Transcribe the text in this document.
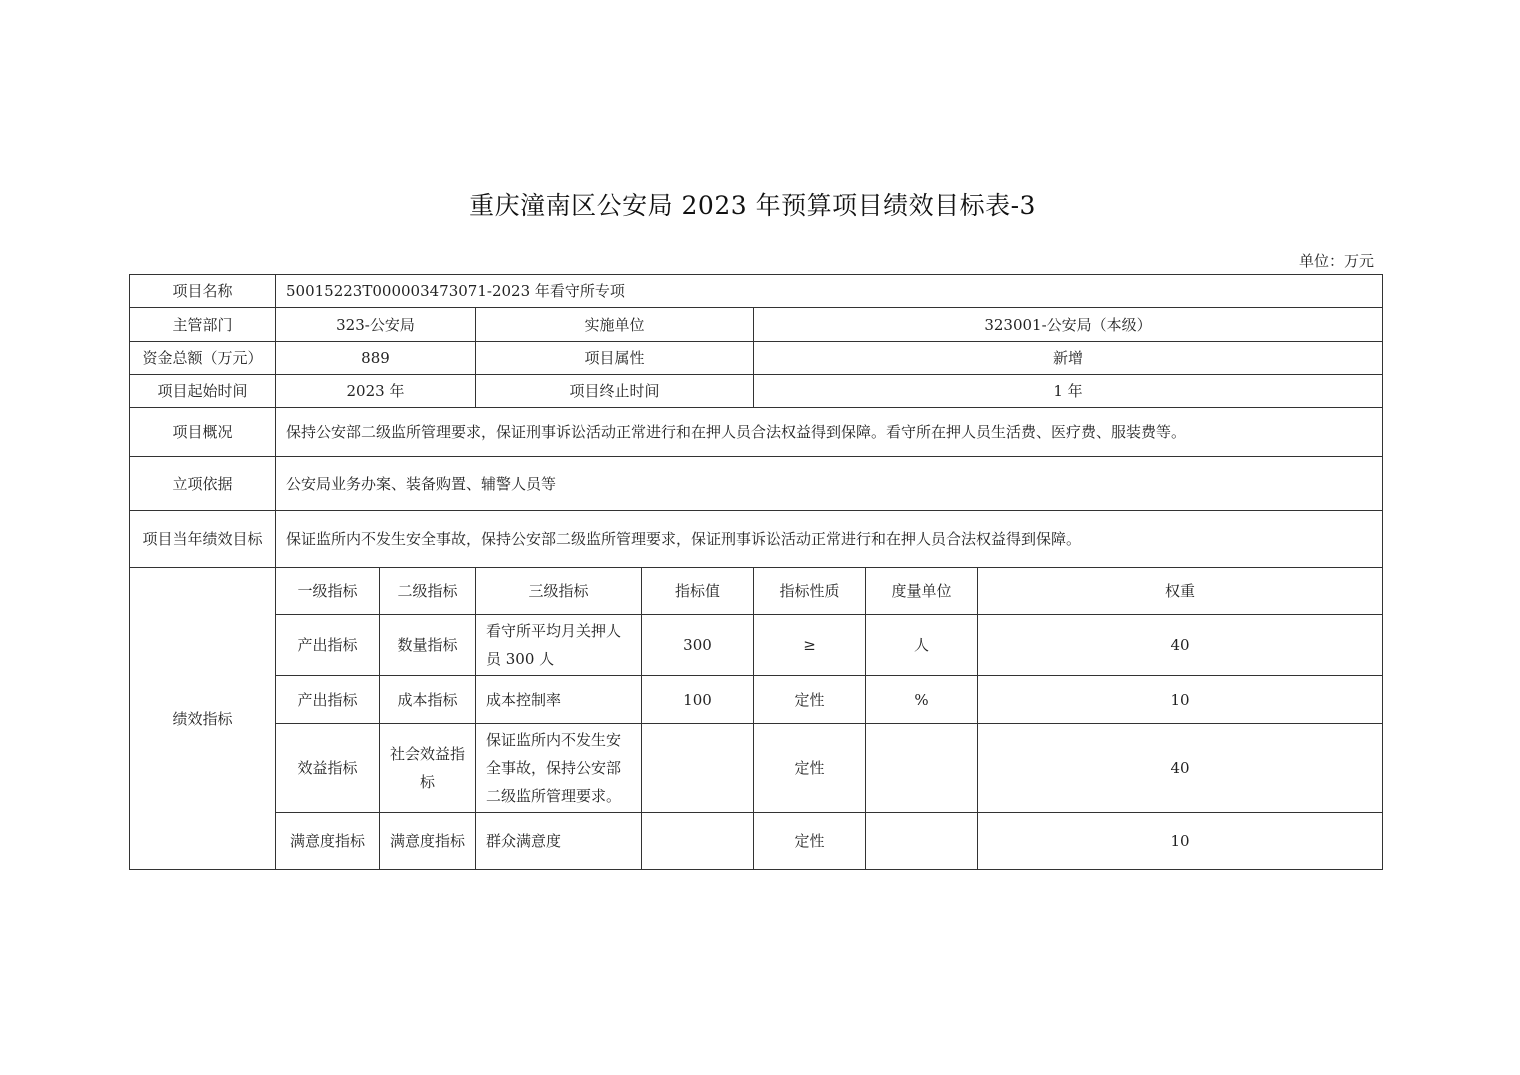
重庆潼南区公安局 2023 年预算项目绩效目标表-3
单位：万元
项目名称	50015223T000003473071-2023 年看守所专项						
主管部门	323-公安局		实施单位		323001-公安局（本级）		
资金总额（万元）	889		项目属性		新增		
项目起始时间	2023 年		项目终止时间		1 年		
项目概况	保持公安部二级监所管理要求，保证刑事诉讼活动正常进行和在押人员合法权益得到保障。看守所在押人员生活费、医疗费、服装费等。						
立项依据	公安局业务办案、装备购置、辅警人员等						
项目当年绩效目标	保证监所内不发生安全事故，保持公安部二级监所管理要求，保证刑事诉讼活动正常进行和在押人员合法权益得到保障。						
绩效指标	一级指标	二级指标	三级指标	指标值	指标性质	度量单位	权重
	产出指标	数量指标	看守所平均月关押人员 300 人	300	≥	人	40
	产出指标	成本指标	成本控制率	100	定性	%	10
	效益指标	社会效益指标	保证监所内不发生安全事故，保持公安部二级监所管理要求。		定性		40
	满意度指标	满意度指标	群众满意度		定性		10
